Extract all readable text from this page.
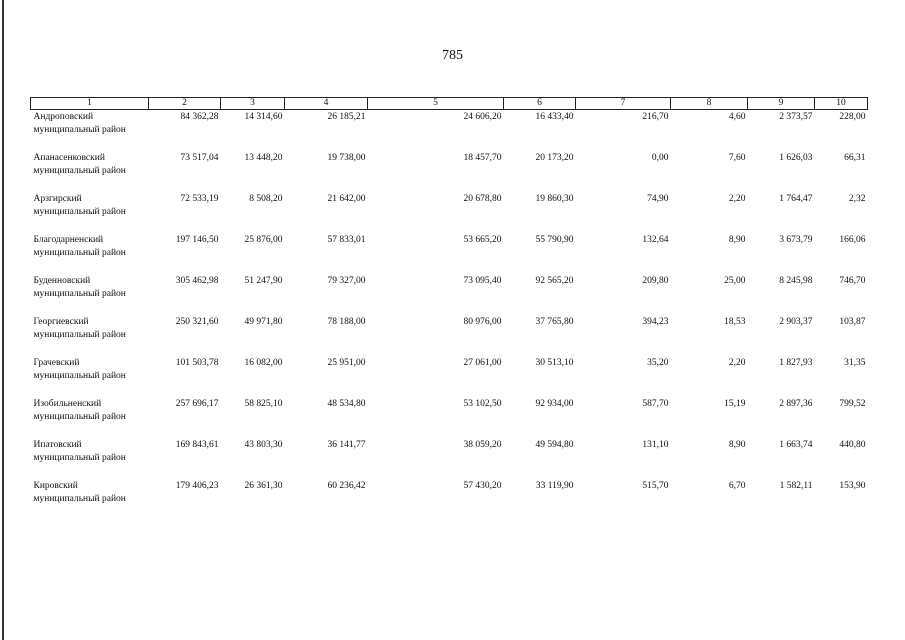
785
1	2	3	4	5	6	7	8	9	10

Андроповский
муниципальный район	84 362,28	14 314,60	26 185,21	24 606,20	16 433,40	216,70	4,60	2 373,57	228,00

Апанасенковский
муниципальный район	73 517,04	13 448,20	19 738,00	18 457,70	20 173,20	0,00	7,60	1 626,03	66,31

Арзгирский
муниципальный район	72 533,19	8 508,20	21 642,00	20 678,80	19 860,30	74,90	2,20	1 764,47	2,32

Благодарненский
муниципальный район	197 146,50	25 876,00	57 833,01	53 665,20	55 790,90	132,64	8,90	3 673,79	166,06

Буденновский
муниципальный район	305 462,98	51 247,90	79 327,00	73 095,40	92 565,20	209,80	25,00	8 245,98	746,70

Георгиевский
муниципальный район	250 321,60	49 971,80	78 188,00	80 976,00	37 765,80	394,23	18,53	2 903,37	103,87

Грачевский
муниципальный район	101 503,78	16 082,00	25 951,00	27 061,00	30 513,10	35,20	2,20	1 827,93	31,35

Изобильненский
муниципальный район	257 696,17	58 825,10	48 534,80	53 102,50	92 934,00	587,70	15,19	2 897,36	799,52

Ипатовский
муниципальный район	169 843,61	43 803,30	36 141,77	38 059,20	49 594,80	131,10	8,90	1 663,74	440,80

Кировский
муниципальный район	179 406,23	26 361,30	60 236,42	57 430,20	33 119,90	515,70	6,70	1 582,11	153,90
